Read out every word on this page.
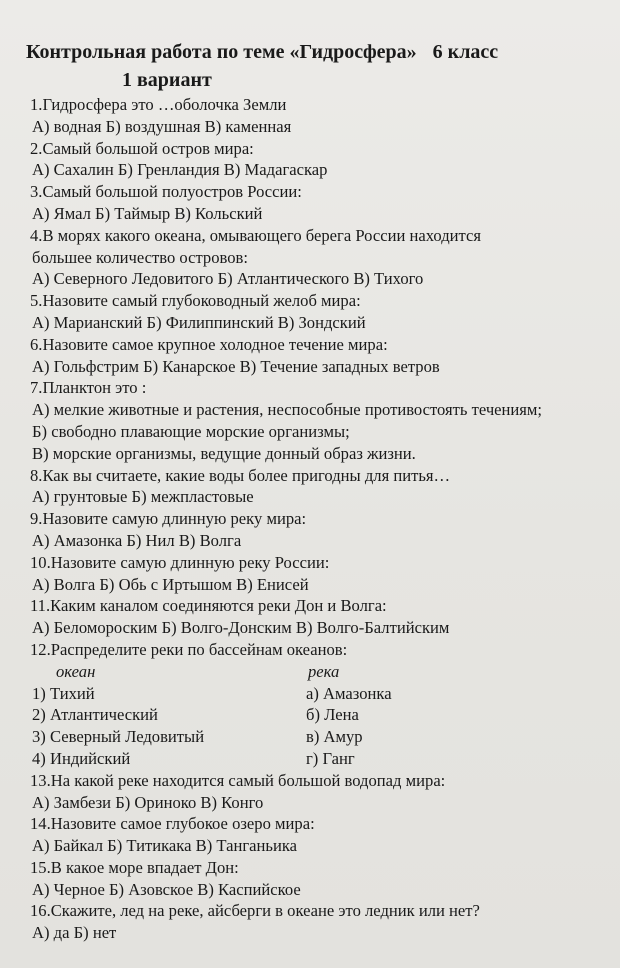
Контрольная работа по теме «Гидросфера» 6 класс
1 вариант

1.Гидросфера это …оболочка Земли

А) водная Б) воздушная В) каменная

2.Самый большой остров мира:

А) Сахалин Б) Гренландия В) Мадагаскар

3.Самый большой полуостров России:

А) Ямал Б) Таймыр В) Кольский

4.В морях какого океана, омывающего берега России находится

большее количество островов:

А) Северного Ледовитого Б) Атлантического В) Тихого

5.Назовите самый глубоководный желоб мира:

А) Марианский Б) Филиппинский В) Зондский

6.Назовите самое крупное холодное течение мира:

А) Гольфстрим Б) Канарское В) Течение западных ветров

7.Планктон это :

А) мелкие животные и растения, неспособные противостоять течениям;

Б) свободно плавающие морские организмы;

В) морские организмы, ведущие донный образ жизни.

8.Как вы считаете, какие воды более пригодны для питья…

А) грунтовые Б) межпластовые

9.Назовите самую длинную реку мира:

А) Амазонка Б) Нил В) Волга

10.Назовите самую длинную реку России:

А) Волга Б) Обь с Иртышом В) Енисей

11.Каким каналом соединяются реки Дон и Волга:

А) Беломороским Б) Волго-Донским В) Волго-Балтийским

12.Распределите реки по бассейнам океанов:

океан	река
1) Тихий	а) Амазонка
2) Атлантический	б) Лена
3) Северный Ледовитый	в) Амур
4) Индийский	г) Ганг

13.На какой реке находится самый большой водопад мира:

А) Замбези Б) Ориноко В) Конго

14.Назовите самое глубокое озеро мира:

А) Байкал Б) Титикака В) Танганьика

15.В какое море впадает Дон:

А) Черное Б) Азовское В) Каспийское

16.Скажите, лед на реке, айсберги в океане это ледник или нет?

А) да Б) нет
